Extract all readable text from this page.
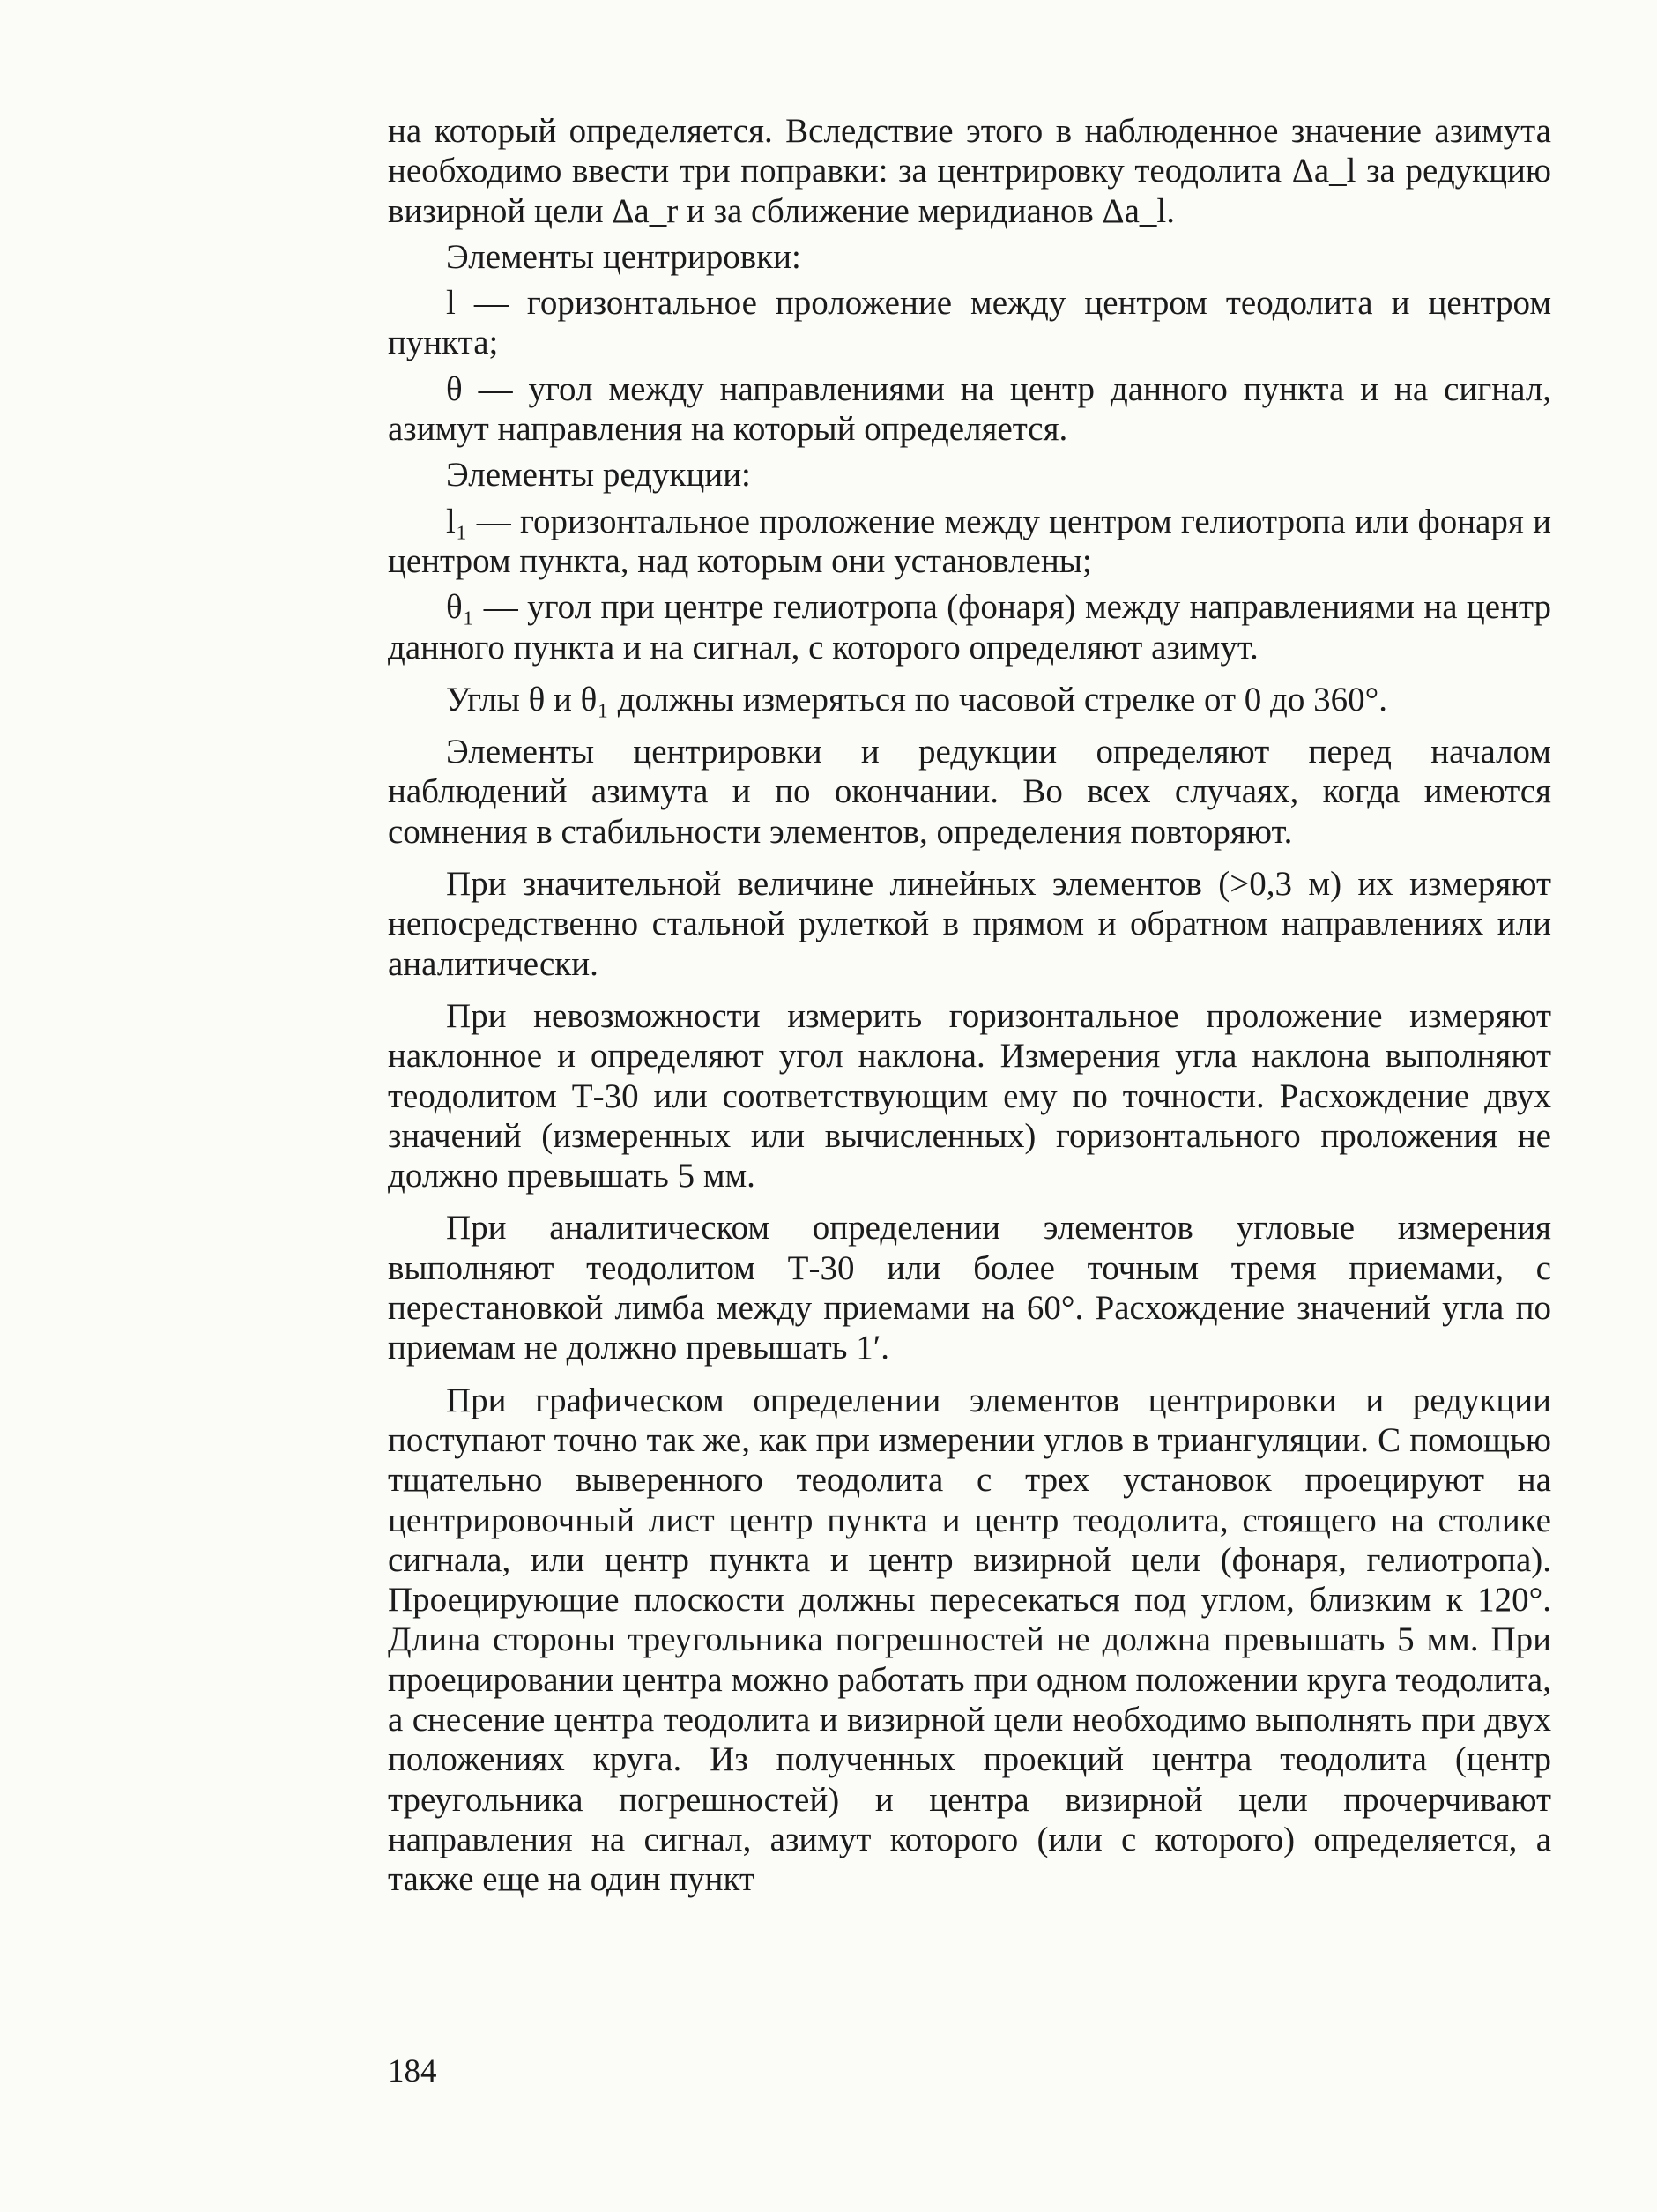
на который определяется. Вследствие этого в наблюденное значение азимута необходимо ввести три поправки: за центрировку теодолита Δa_l за редукцию визирной цели Δa_r и за сближение меридианов Δa_l.

Элементы центрировки:

l — горизонтальное проложение между центром теодолита и центром пункта;

θ — угол между направлениями на центр данного пункта и на сигнал, азимут направления на который определяется.

Элементы редукции:

l₁ — горизонтальное проложение между центром гелиотропа или фонаря и центром пункта, над которым они установлены;

θ₁ — угол при центре гелиотропа (фонаря) между направлениями на центр данного пункта и на сигнал, с которого определяют азимут.

Углы θ и θ₁ должны измеряться по часовой стрелке от 0 до 360°.

Элементы центрировки и редукции определяют перед началом наблюдений азимута и по окончании. Во всех случаях, когда имеются сомнения в стабильности элементов, определения повторяют.

При значительной величине линейных элементов (>0,3 м) их измеряют непосредственно стальной рулеткой в прямом и обратном направлениях или аналитически.

При невозможности измерить горизонтальное проложение измеряют наклонное и определяют угол наклона. Измерения угла наклона выполняют теодолитом Т-30 или соответствующим ему по точности. Расхождение двух значений (измеренных или вычисленных) горизонтального проложения не должно превышать 5 мм.

При аналитическом определении элементов угловые измерения выполняют теодолитом Т-30 или более точным тремя приемами, с перестановкой лимба между приемами на 60°. Расхождение значений угла по приемам не должно превышать 1′.

При графическом определении элементов центрировки и редукции поступают точно так же, как при измерении углов в триангуляции. С помощью тщательно выверенного теодолита с трех установок проецируют на центрировочный лист центр пункта и центр теодолита, стоящего на столике сигнала, или центр пункта и центр визирной цели (фонаря, гелиотропа). Проецирующие плоскости должны пересекаться под углом, близким к 120°. Длина стороны треугольника погрешностей не должна превышать 5 мм. При проецировании центра можно работать при одном положении круга теодолита, а снесение центра теодолита и визирной цели необходимо выполнять при двух положениях круга. Из полученных проекций центра теодолита (центр треугольника погрешностей) и центра визирной цели прочерчивают направления на сигнал, азимут которого (или с которого) определяется, а также еще на один пункт

184
